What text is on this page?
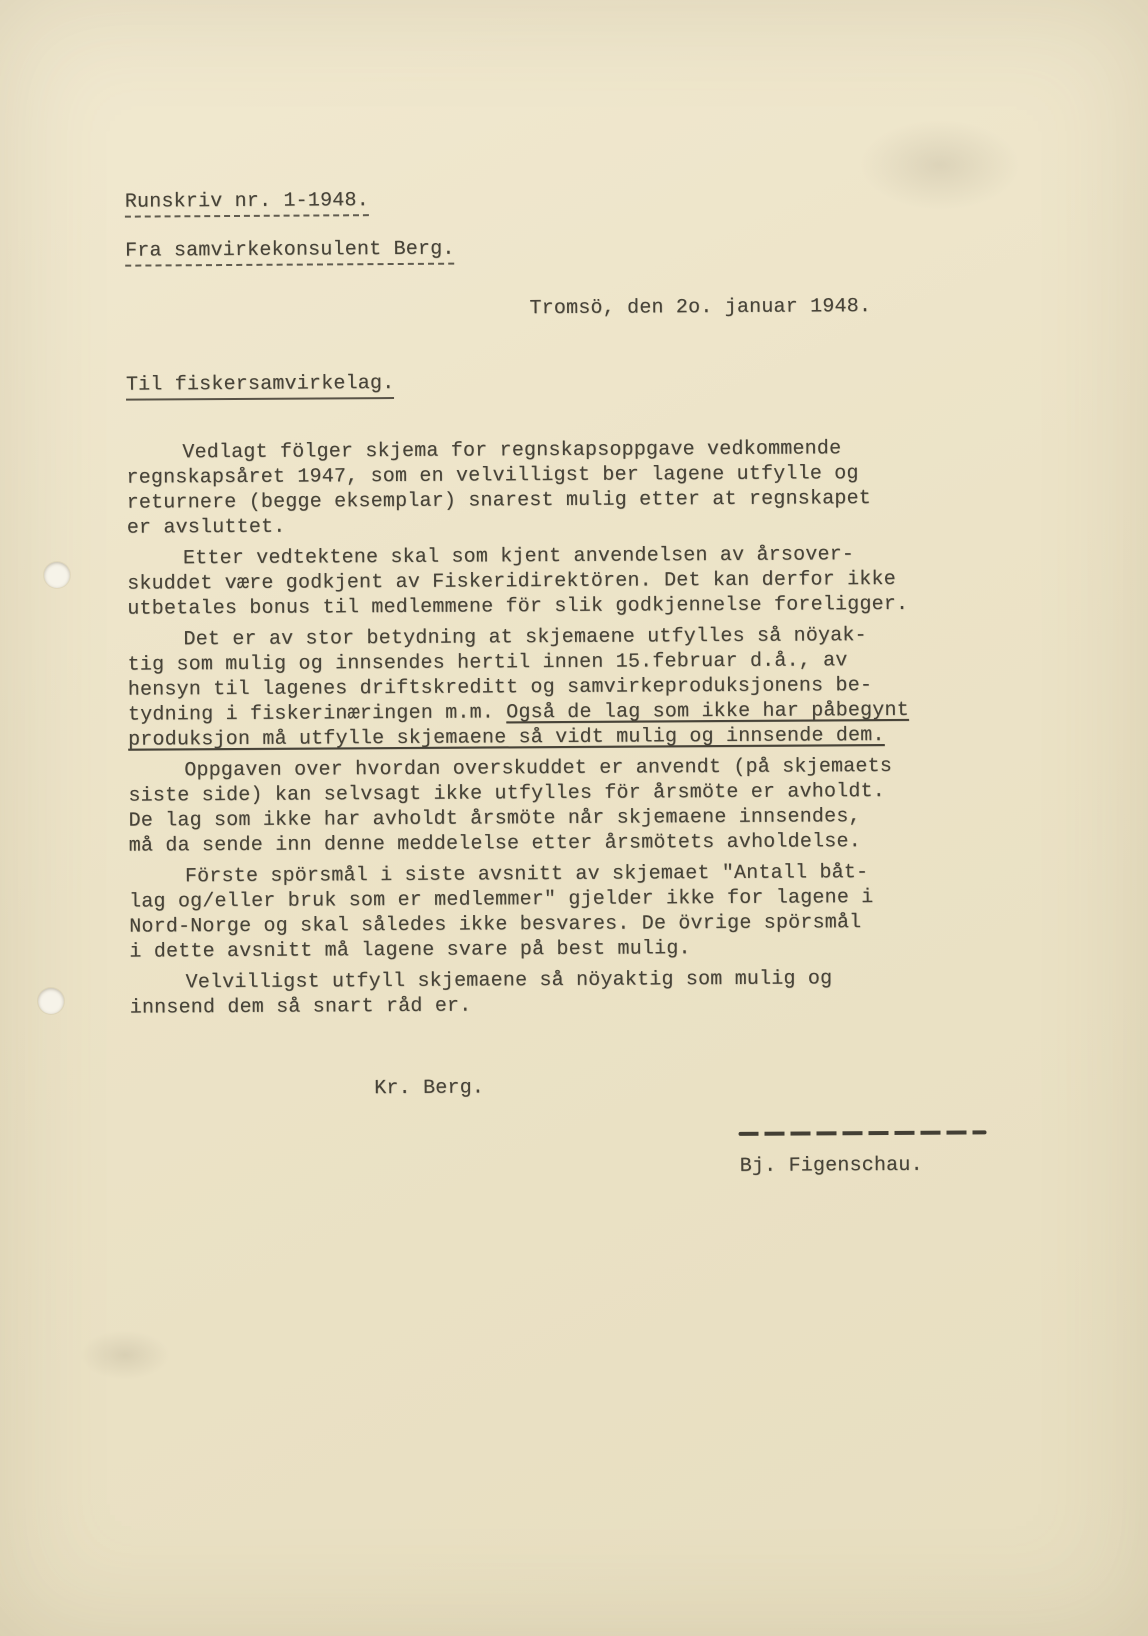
Runskriv nr. 1-1948.
Fra samvirkekonsulent Berg.
Tromsö, den 2o. januar 1948.
Til fiskersamvirkelag.

Vedlagt fölger skjema for regnskapsoppgave vedkommende
regnskapsåret 1947, som en velvilligst ber lagene utfylle og
returnere (begge eksemplar) snarest mulig etter at regnskapet
er avsluttet.

Etter vedtektene skal som kjent anvendelsen av årsover-
skuddet være godkjent av Fiskeridirektören. Det kan derfor ikke
utbetales bonus til medlemmene för slik godkjennelse foreligger.

Det er av stor betydning at skjemaene utfylles så nöyak-
tig som mulig og innsendes hertil innen 15.februar d.å., av
hensyn til lagenes driftskreditt og samvirkeproduksjonens be-
tydning i fiskerinæringen m.m. Også de lag som ikke har påbegynt
produksjon må utfylle skjemaene så vidt mulig og innsende dem.

Oppgaven over hvordan overskuddet er anvendt (på skjemaets
siste side) kan selvsagt ikke utfylles för årsmöte er avholdt.
De lag som ikke har avholdt årsmöte når skjemaene innsendes,
må da sende inn denne meddelelse etter årsmötets avholdelse.

Förste spörsmål i siste avsnitt av skjemaet "Antall båt-
lag og/eller bruk som er medlemmer" gjelder ikke for lagene i
Nord-Norge og skal således ikke besvares. De övrige spörsmål
i dette avsnitt må lagene svare på best mulig.

Velvilligst utfyll skjemaene så nöyaktig som mulig og
innsend dem så snart råd er.

Kr. Berg.
Bj. Figenschau.
